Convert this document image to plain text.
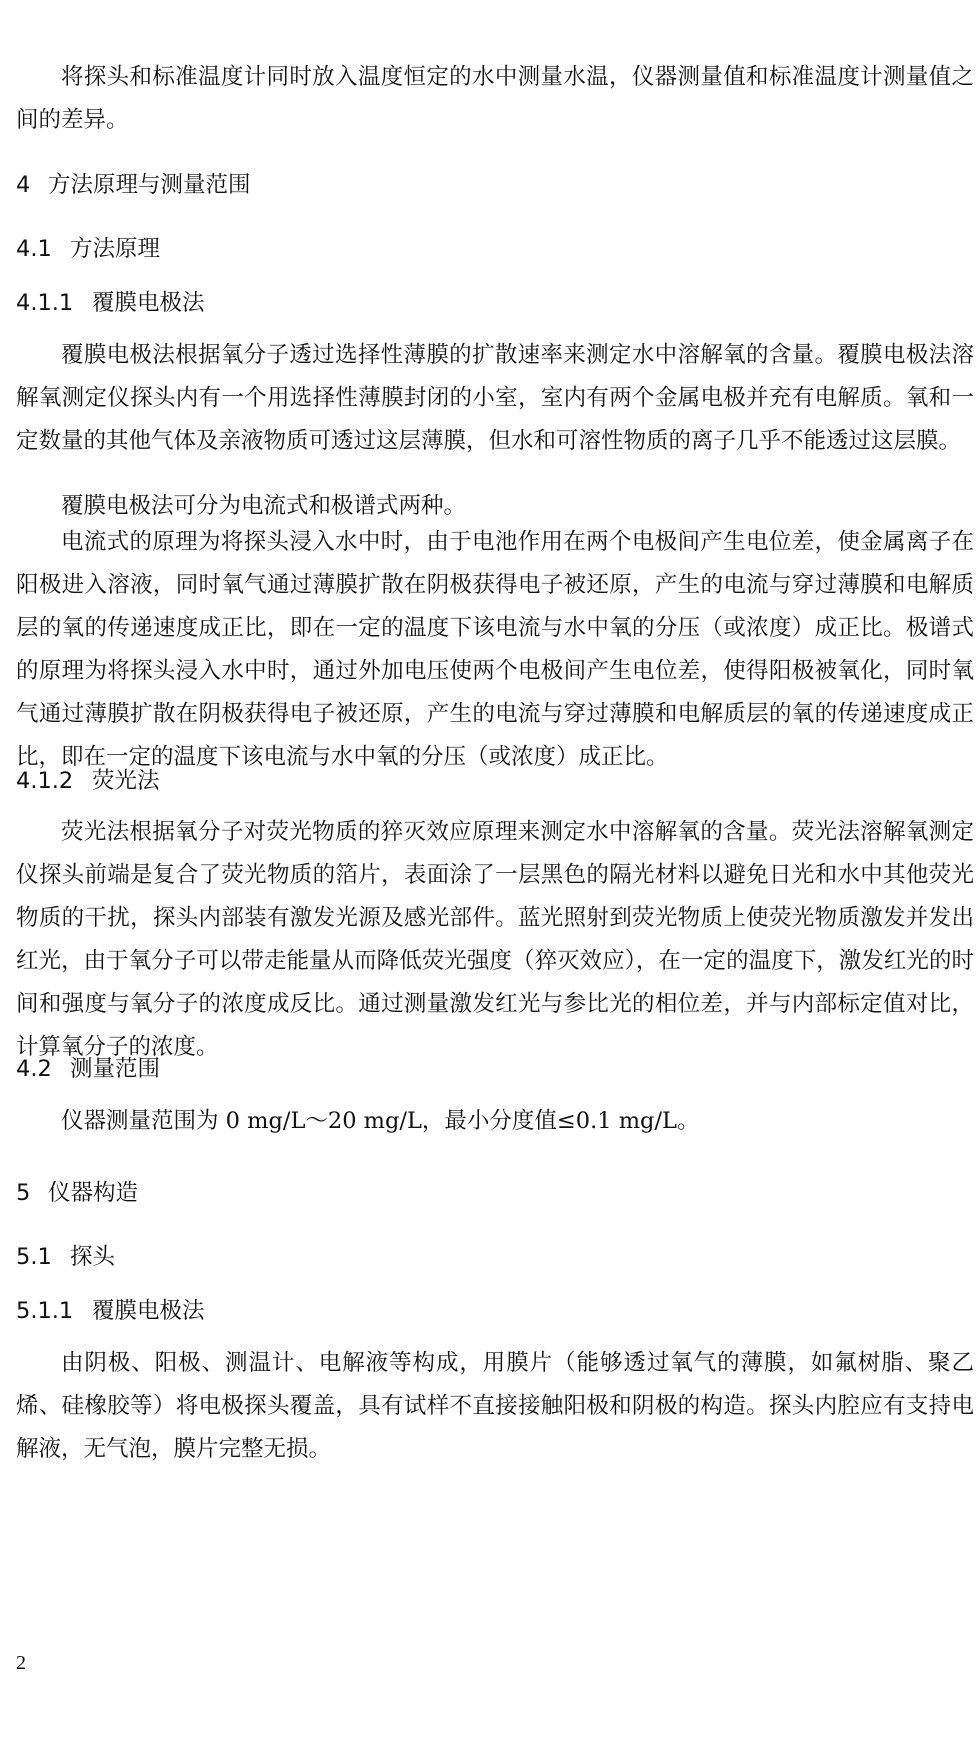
将探头和标准温度计同时放入温度恒定的水中测量水温，仪器测量值和标准温度计测量值之间的差异。

4 方法原理与测量范围
4.1 方法原理
4.1.1 覆膜电极法

覆膜电极法根据氧分子透过选择性薄膜的扩散速率来测定水中溶解氧的含量。覆膜电极法溶解氧测定仪探头内有一个用选择性薄膜封闭的小室，室内有两个金属电极并充有电解质。氧和一定数量的其他气体及亲液物质可透过这层薄膜，但水和可溶性物质的离子几乎不能透过这层膜。

覆膜电极法可分为电流式和极谱式两种。

电流式的原理为将探头浸入水中时，由于电池作用在两个电极间产生电位差，使金属离子在阳极进入溶液，同时氧气通过薄膜扩散在阴极获得电子被还原，产生的电流与穿过薄膜和电解质层的氧的传递速度成正比，即在一定的温度下该电流与水中氧的分压（或浓度）成正比。极谱式的原理为将探头浸入水中时，通过外加电压使两个电极间产生电位差，使得阳极被氧化，同时氧气通过薄膜扩散在阴极获得电子被还原，产生的电流与穿过薄膜和电解质层的氧的传递速度成正比，即在一定的温度下该电流与水中氧的分压（或浓度）成正比。

4.1.2 荧光法

荧光法根据氧分子对荧光物质的猝灭效应原理来测定水中溶解氧的含量。荧光法溶解氧测定仪探头前端是复合了荧光物质的箔片，表面涂了一层黑色的隔光材料以避免日光和水中其他荧光物质的干扰，探头内部装有激发光源及感光部件。蓝光照射到荧光物质上使荧光物质激发并发出红光，由于氧分子可以带走能量从而降低荧光强度（猝灭效应），在一定的温度下，激发红光的时间和强度与氧分子的浓度成反比。通过测量激发红光与参比光的相位差，并与内部标定值对比，计算氧分子的浓度。

4.2 测量范围

仪器测量范围为 0 mg/L～20 mg/L，最小分度值≤0.1 mg/L。

5 仪器构造
5.1 探头
5.1.1 覆膜电极法

由阴极、阳极、测温计、电解液等构成，用膜片（能够透过氧气的薄膜，如氟树脂、聚乙烯、硅橡胶等）将电极探头覆盖，具有试样不直接接触阳极和阴极的构造。探头内腔应有支持电解液，无气泡，膜片完整无损。

2
